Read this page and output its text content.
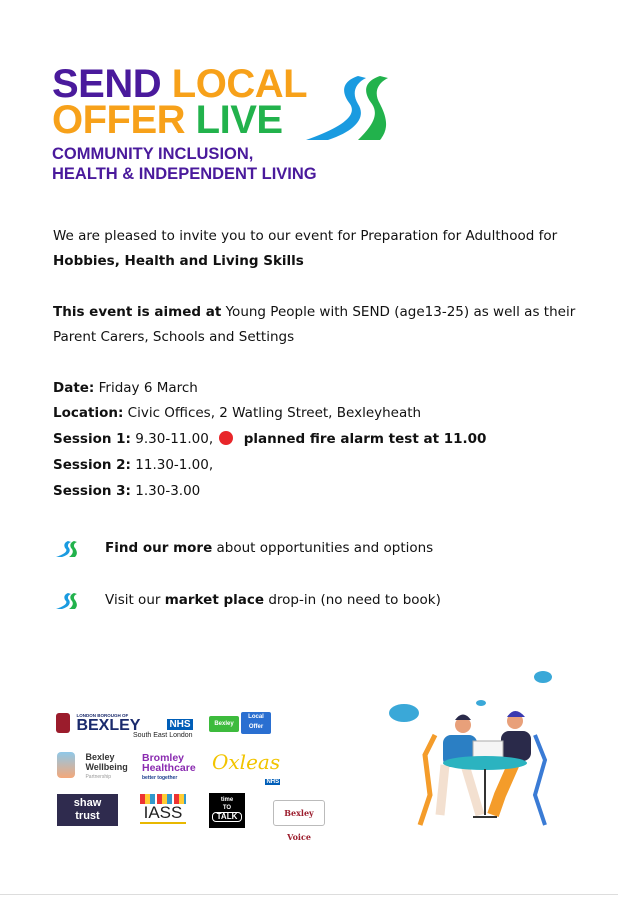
SEND LOCAL
OFFER LIVE
COMMUNITY INCLUSION,
HEALTH & INDEPENDENT LIVING
We are pleased to invite you to our event for Preparation for Adulthood for
Hobbies, Health and Living Skills
This event is aimed at Young People with SEND (age13-25) as well as their
Parent Carers, Schools and Settings
Date: Friday 6 March
Location: Civic Offices, 2 Watling Street, Bexleyheath
Session 1: 9.30-11.00, planned fire alarm test at 11.00
Session 2: 11.30-1.00,
Session 3: 1.30-3.00
Find our more about opportunities and options
Visit our market place drop-in (no need to book)

LONDON BOROUGH OF
BEXLEY	NHS
South East London
Bexley
Local Offer

Bexley
Wellbeing
Partnership
Bromley
Healthcare
better together
Oxleas
NHS
shaw
trust	IASS
time
TO
TALK	Bexley Voice
